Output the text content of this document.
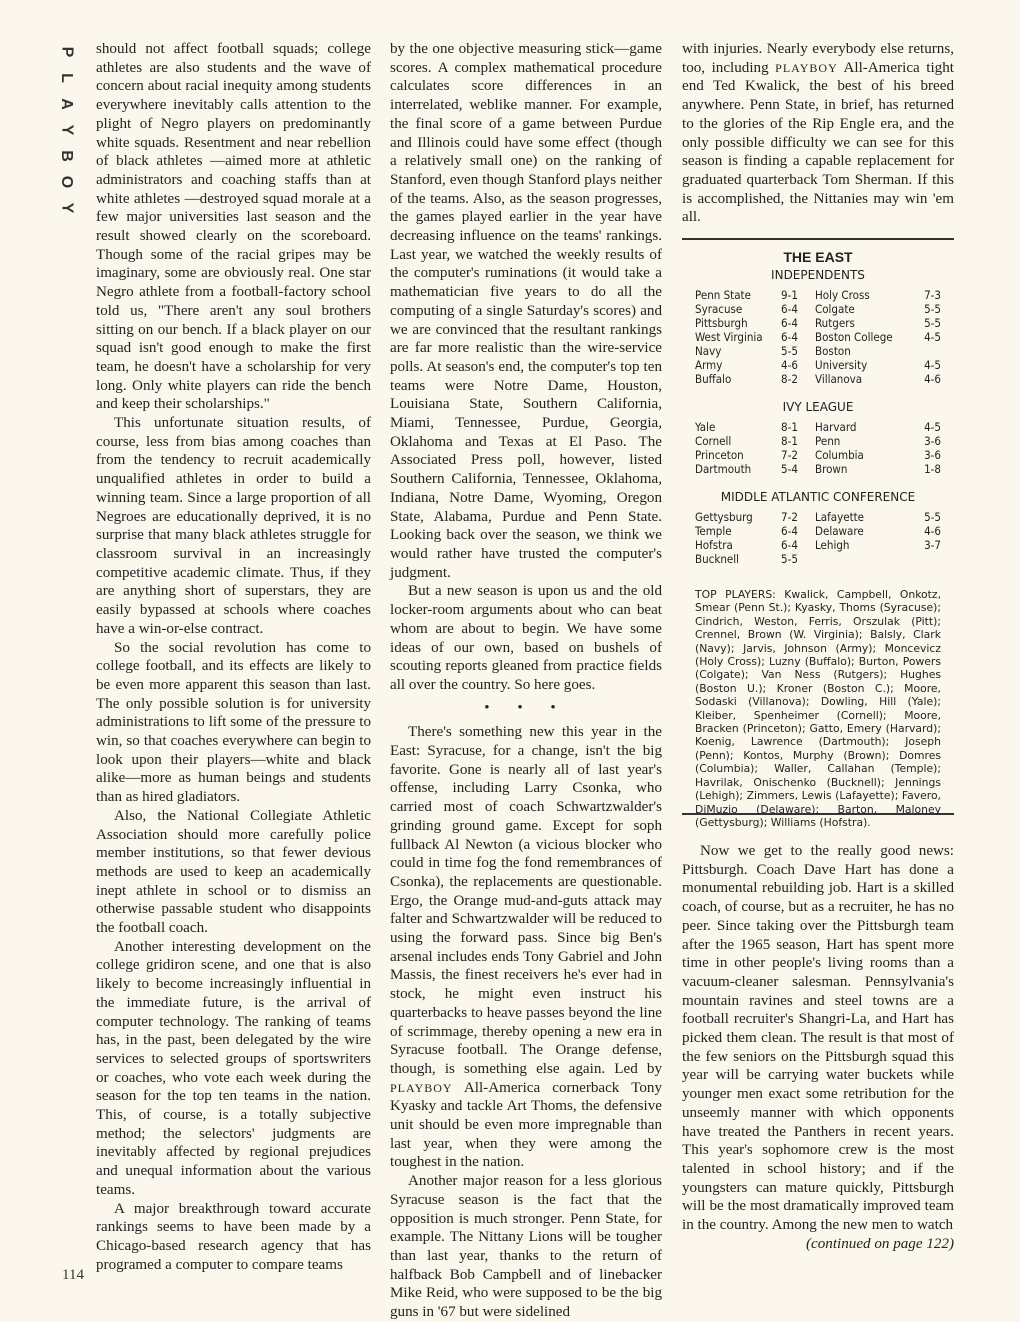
P
L
A
Y
B
O
Y
114

should not affect football squads; college athletes are also students and the wave of concern about racial inequity among students everywhere inevitably calls attention to the plight of Negro players on predominantly white squads. Resentment and near rebellion of black athletes —aimed more at athletic administrators and coaching staffs than at white athletes —destroyed squad morale at a few major universities last season and the result showed clearly on the scoreboard. Though some of the racial gripes may be imaginary, some are obviously real. One star Negro athlete from a football-factory school told us, "There aren't any soul brothers sitting on our bench. If a black player on our squad isn't good enough to make the first team, he doesn't have a scholarship for very long. Only white players can ride the bench and keep their scholarships."

This unfortunate situation results, of course, less from bias among coaches than from the tendency to recruit academically unqualified athletes in order to build a winning team. Since a large proportion of all Negroes are educationally deprived, it is no surprise that many black athletes struggle for classroom survival in an increasingly competitive academic climate. Thus, if they are anything short of superstars, they are easily bypassed at schools where coaches have a win-or-else contract.

So the social revolution has come to college football, and its effects are likely to be even more apparent this season than last. The only possible solution is for university administrations to lift some of the pressure to win, so that coaches everywhere can begin to look upon their players—white and black alike—more as human beings and students than as hired gladiators.

Also, the National Collegiate Athletic Association should more carefully police member institutions, so that fewer devious methods are used to keep an academically inept athlete in school or to dismiss an otherwise passable student who disappoints the football coach.

Another interesting development on the college gridiron scene, and one that is also likely to become increasingly influential in the immediate future, is the arrival of computer technology. The ranking of teams has, in the past, been delegated by the wire services to selected groups of sportswriters or coaches, who vote each week during the season for the top ten teams in the nation. This, of course, is a totally subjective method; the selectors' judgments are inevitably affected by regional prejudices and unequal information about the various teams.

A major breakthrough toward accurate rankings seems to have been made by a Chicago-based research agency that has programed a computer to compare teams

by the one objective measuring stick—game scores. A complex mathematical procedure calculates score differences in an interrelated, weblike manner. For example, the final score of a game between Purdue and Illinois could have some effect (though a relatively small one) on the ranking of Stanford, even though Stanford plays neither of the teams. Also, as the season progresses, the games played earlier in the year have decreasing influence on the teams' rankings. Last year, we watched the weekly results of the computer's ruminations (it would take a mathematician five years to do all the computing of a single Saturday's scores) and we are convinced that the resultant rankings are far more realistic than the wire-service polls. At season's end, the computer's top ten teams were Notre Dame, Houston, Louisiana State, Southern California, Miami, Tennessee, Purdue, Georgia, Oklahoma and Texas at El Paso. The Associated Press poll, however, listed Southern California, Tennessee, Oklahoma, Indiana, Notre Dame, Wyoming, Oregon State, Alabama, Purdue and Penn State. Looking back over the season, we think we would rather have trusted the computer's judgment.

But a new season is upon us and the old locker-room arguments about who can beat whom are about to begin. We have some ideas of our own, based on bushels of scouting reports gleaned from practice fields all over the country. So here goes.

• • •

There's something new this year in the East: Syracuse, for a change, isn't the big favorite. Gone is nearly all of last year's offense, including Larry Csonka, who carried most of coach Schwartzwalder's grinding ground game. Except for soph fullback Al Newton (a vicious blocker who could in time fog the fond remembrances of Csonka), the replacements are questionable. Ergo, the Orange mud-and-guts attack may falter and Schwartzwalder will be reduced to using the forward pass. Since big Ben's arsenal includes ends Tony Gabriel and John Massis, the finest receivers he's ever had in stock, he might even instruct his quarterbacks to heave passes beyond the line of scrimmage, thereby opening a new era in Syracuse football. The Orange defense, though, is something else again. Led by PLAYBOY All-America cornerback Tony Kyasky and tackle Art Thoms, the defensive unit should be even more impregnable than last year, when they were among the toughest in the nation.

Another major reason for a less glorious Syracuse season is the fact that the opposition is much stronger. Penn State, for example. The Nittany Lions will be tougher than last year, thanks to the return of halfback Bob Campbell and of linebacker Mike Reid, who were supposed to be the big guns in '67 but were sidelined

with injuries. Nearly everybody else returns, too, including PLAYBOY All-America tight end Ted Kwalick, the best of his breed anywhere. Penn State, in brief, has returned to the glories of the Rip Engle era, and the only possible difficulty we can see for this season is finding a capable replacement for graduated quarterback Tom Sherman. If this is accomplished, the Nittanies may win 'em all.

THE EAST
INDEPENDENTS
Penn State	9-1	Holy Cross	7-3
Syracuse	6-4	Colgate	5-5
Pittsburgh	6-4	Rutgers	5-5
West Virginia	6-4	Boston College	4-5
Navy	5-5	Boston	
Army	4-6	University	4-5
Buffalo	8-2	Villanova	4-6
IVY LEAGUE
Yale	8-1	Harvard	4-5
Cornell	8-1	Penn	3-6
Princeton	7-2	Columbia	3-6
Dartmouth	5-4	Brown	1-8
MIDDLE ATLANTIC CONFERENCE
Gettysburg	7-2	Lafayette	5-5
Temple	6-4	Delaware	4-6
Hofstra	6-4	Lehigh	3-7
Bucknell	5-5		
TOP PLAYERS: Kwalick, Campbell, Onkotz, Smear (Penn St.); Kyasky, Thoms (Syracuse); Cindrich, Weston, Ferris, Orszulak (Pitt); Crennel, Brown (W. Virginia); Balsly, Clark (Navy); Jarvis, Johnson (Army); Moncevicz (Holy Cross); Luzny (Buffalo); Burton, Powers (Colgate); Van Ness (Rutgers); Hughes (Boston U.); Kroner (Boston C.); Moore, Sodaski (Villanova); Dowling, Hill (Yale); Kleiber, Spenheimer (Cornell); Moore, Bracken (Princeton); Gatto, Emery (Harvard); Koenig, Lawrence (Dartmouth); Joseph (Penn); Kontos, Murphy (Brown); Domres (Columbia); Waller, Callahan (Temple); Havrilak, Onischenko (Bucknell); Jennings (Lehigh); Zimmers, Lewis (Lafayette); Favero, DiMuzio (Delaware); Barton, Maloney (Gettysburg); Williams (Hofstra).

Now we get to the really good news: Pittsburgh. Coach Dave Hart has done a monumental rebuilding job. Hart is a skilled coach, of course, but as a recruiter, he has no peer. Since taking over the Pittsburgh team after the 1965 season, Hart has spent more time in other people's living rooms than a vacuum-cleaner salesman. Pennsylvania's mountain ravines and steel towns are a football recruiter's Shangri-La, and Hart has picked them clean. The result is that most of the few seniors on the Pittsburgh squad this year will be carrying water buckets while younger men exact some retribution for the unseemly manner with which opponents have treated the Panthers in recent years. This year's sophomore crew is the most talented in school history; and if the youngsters can mature quickly, Pittsburgh will be the most dramatically improved team in the country. Among the new men to watch

(continued on page 122)
